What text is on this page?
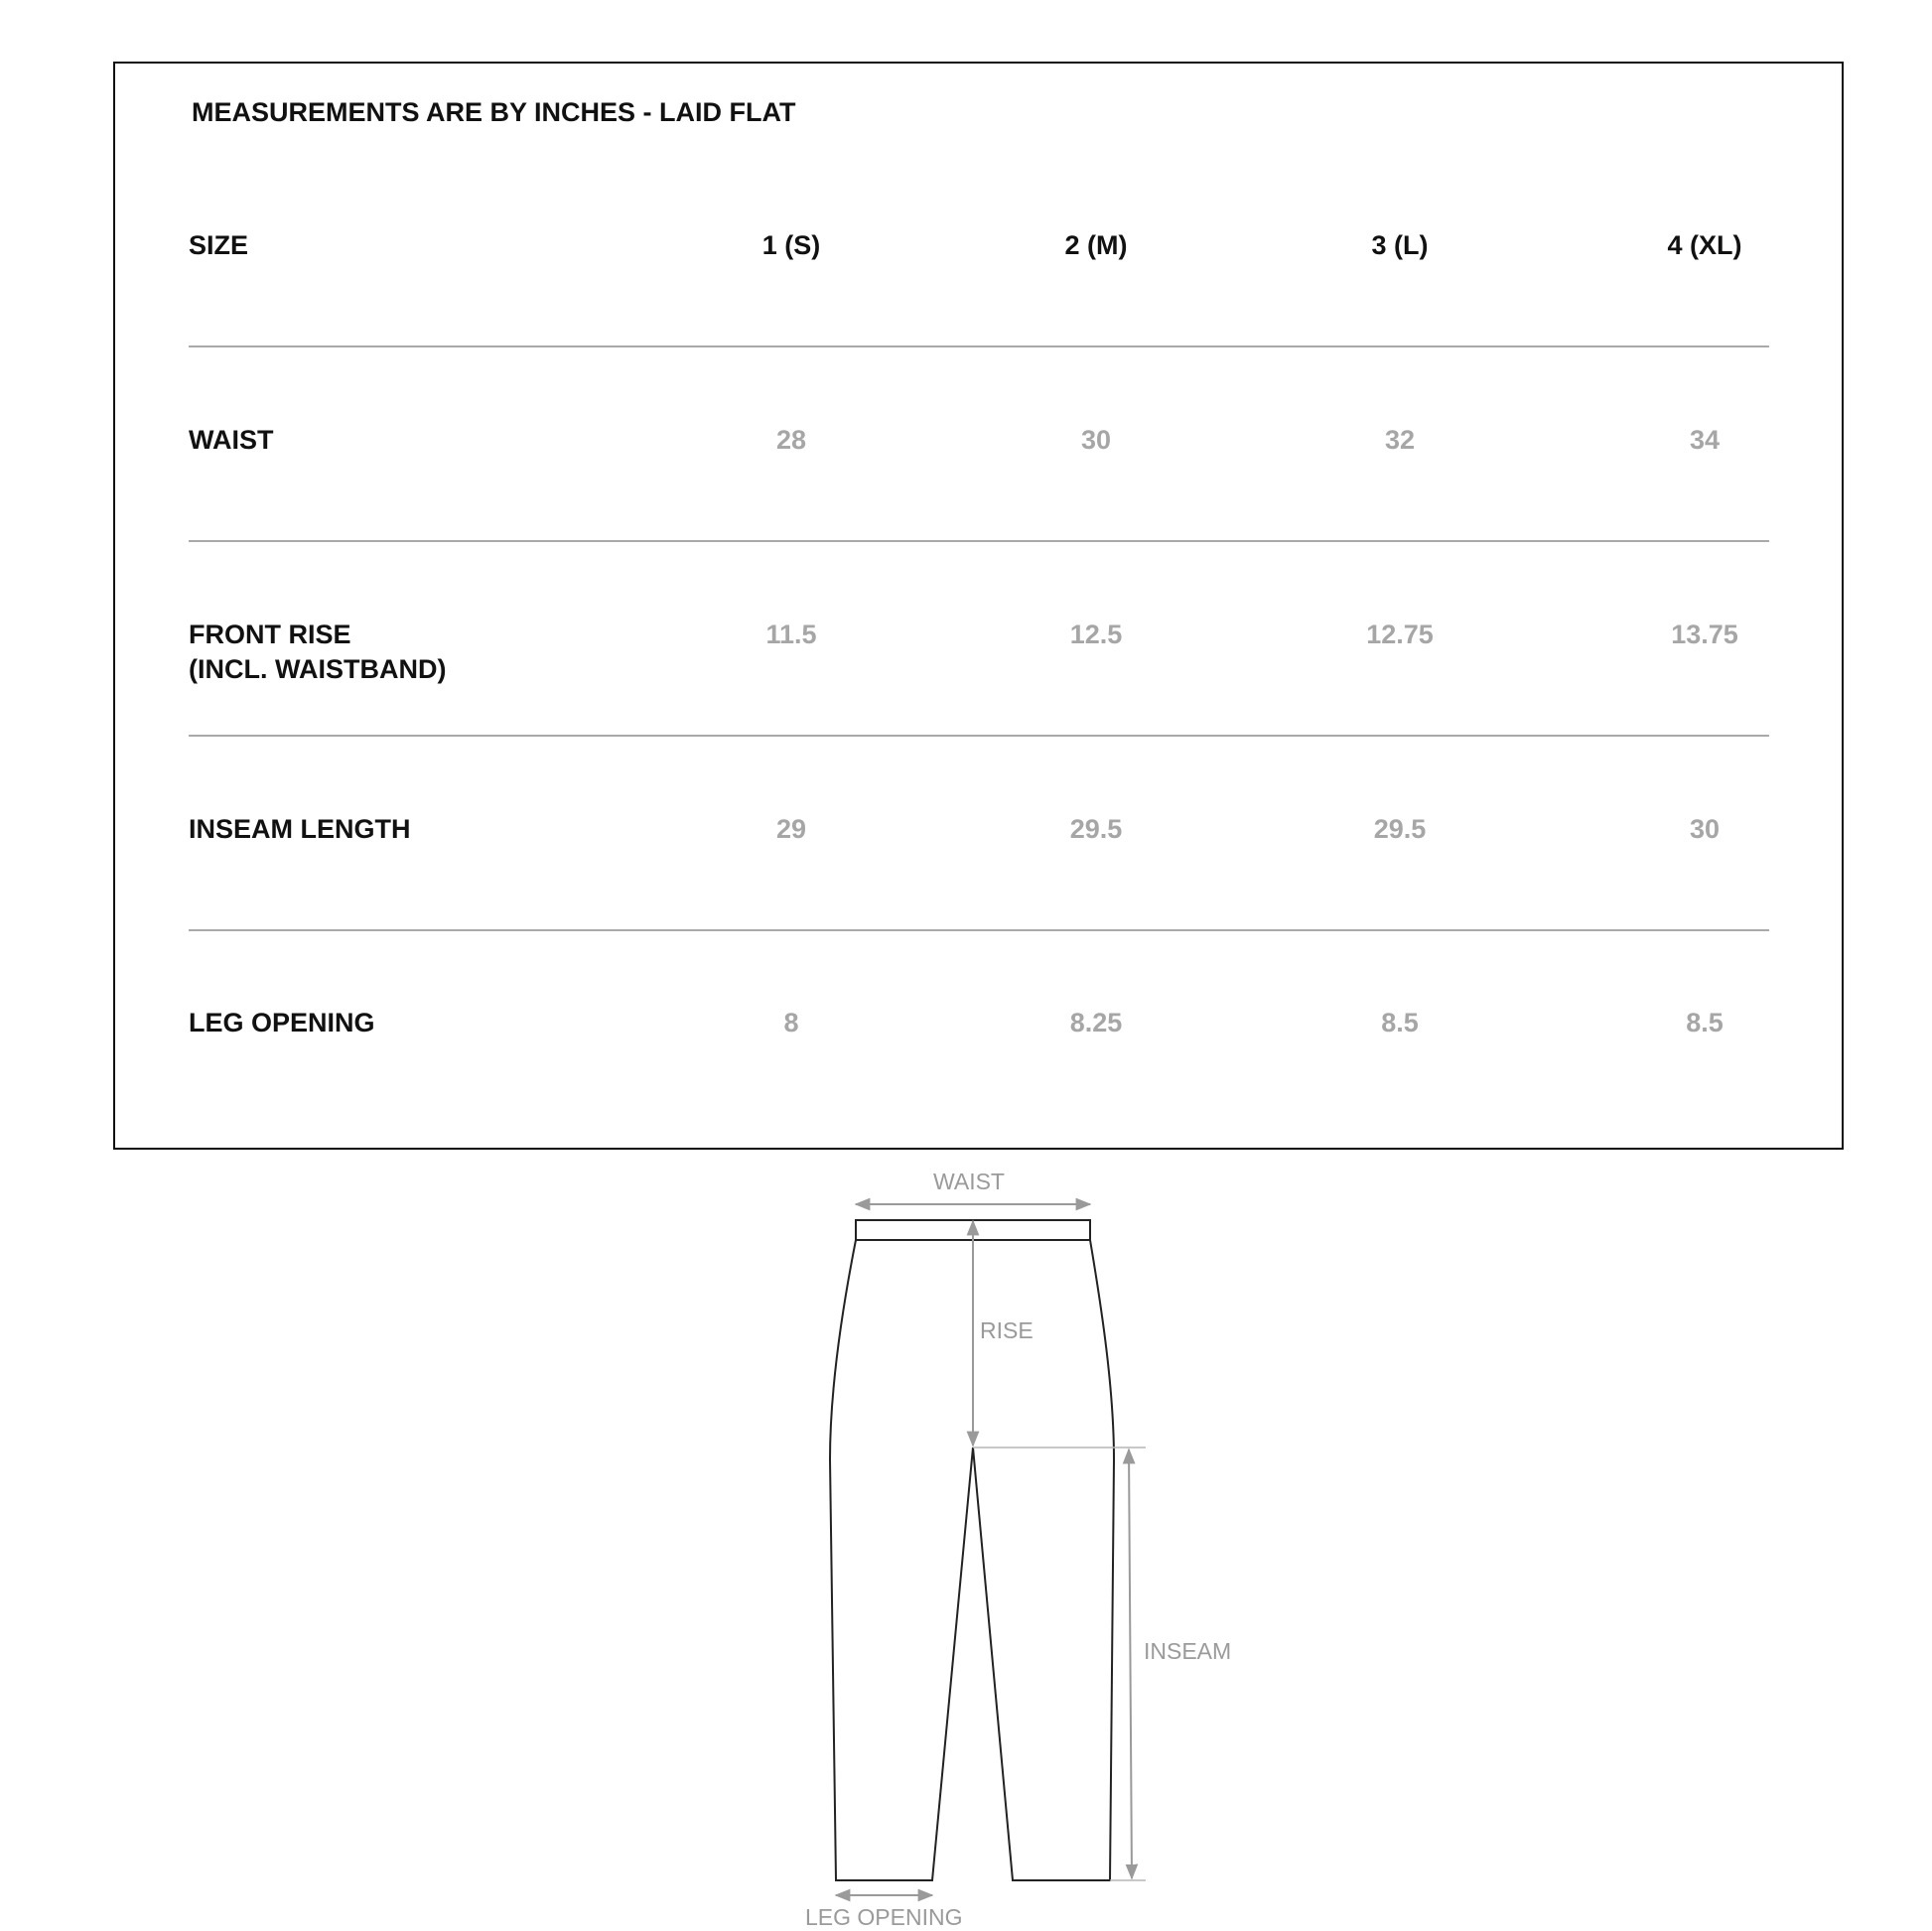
MEASUREMENTS ARE BY INCHES - LAID FLAT
SIZE	1 (S)	2 (M)	3 (L)	4 (XL)
WAIST	28	30	32	34
FRONT RISE
(INCL. WAISTBAND)
11.5	12.5	12.75	13.75
INSEAM LENGTH	29	29.5	29.5	30
LEG OPENING	8	8.25	8.5	8.5
WAIST
RISE
INSEAM
LEG OPENING
